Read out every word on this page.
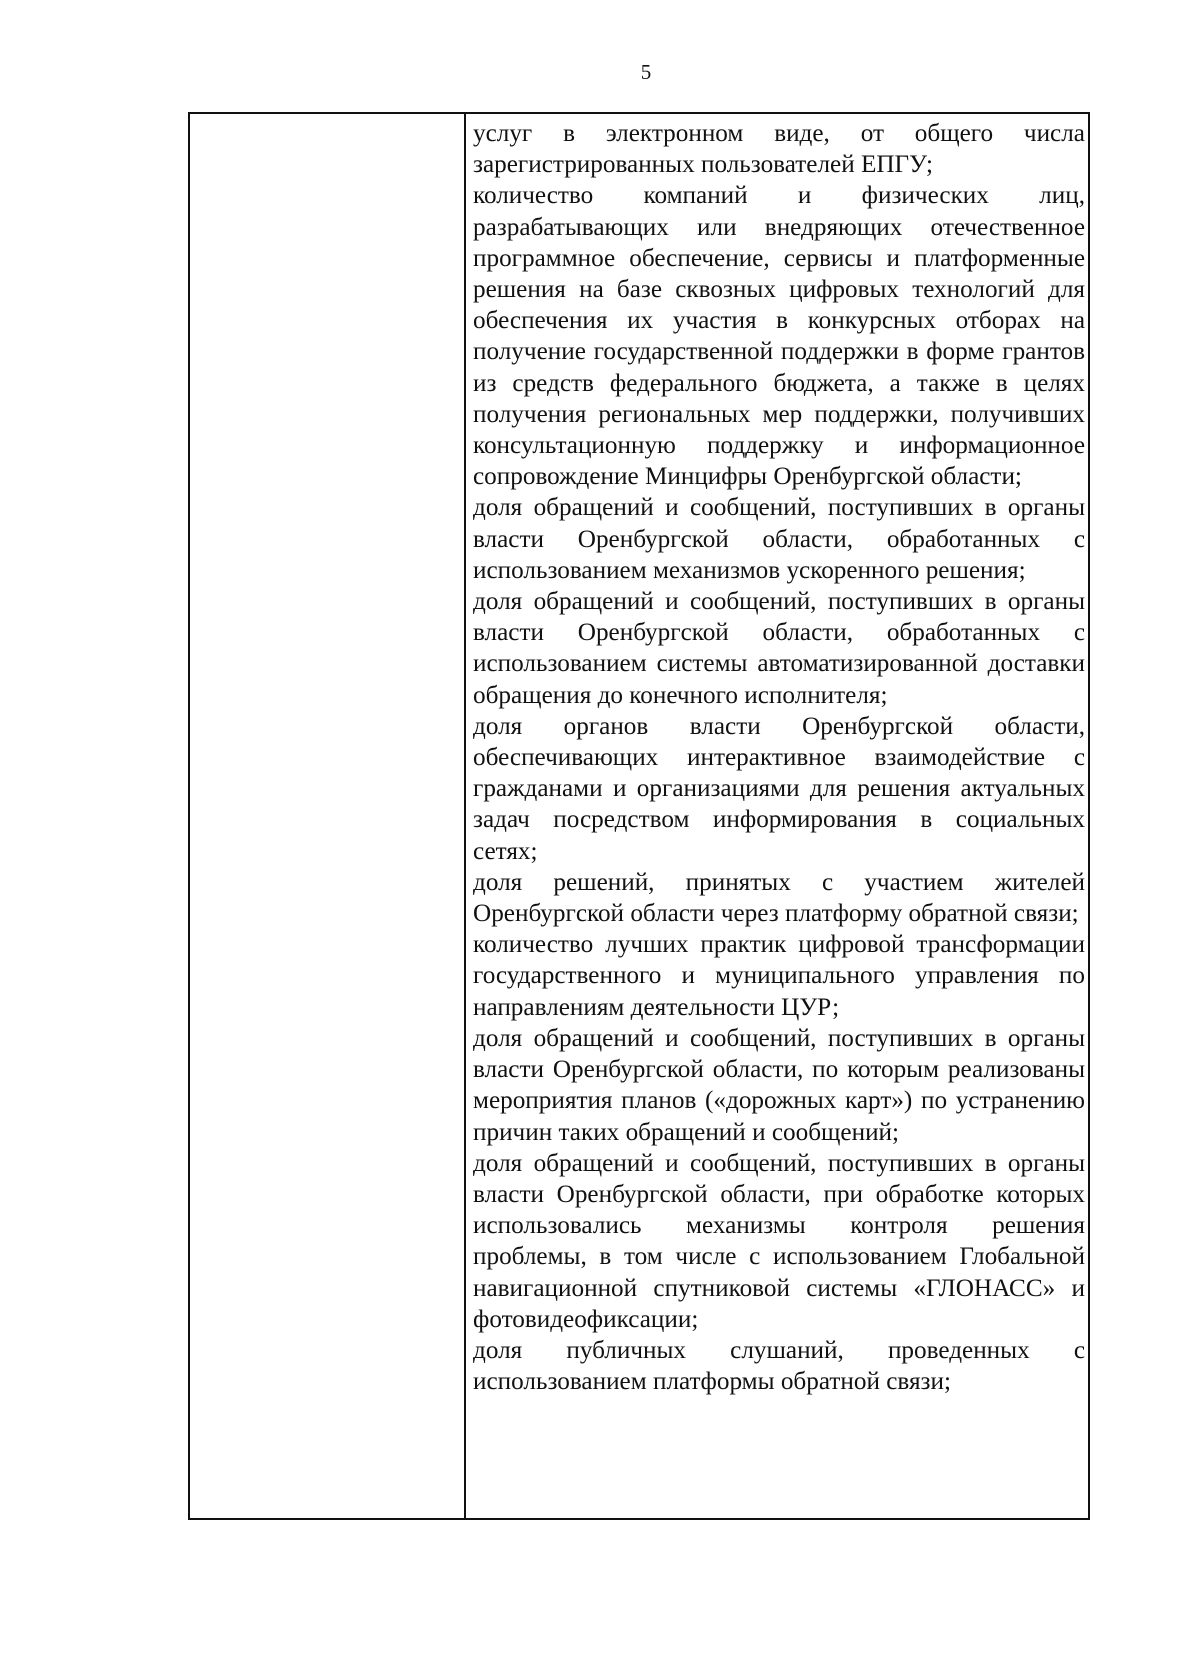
5

услуг в электронном виде, от общего числа зарегистрированных пользователей ЕПГУ;

количество компаний и физических лиц, разрабатывающих или внедряющих отечественное программное обеспечение, сервисы и платформенные решения на базе сквозных цифровых технологий для обеспечения их участия в конкурсных отборах на получение государственной поддержки в форме грантов из средств федерального бюджета, а также в целях получения региональных мер поддержки, получивших консультационную поддержку и информационное сопровождение Минцифры Оренбургской области;

доля обращений и сообщений, поступивших в органы власти Оренбургской области, обработанных с использованием механизмов ускоренного решения;

доля обращений и сообщений, поступивших в органы власти Оренбургской области, обработанных с использованием системы автоматизированной доставки обращения до конечного исполнителя;

доля органов власти Оренбургской области, обеспечивающих интерактивное взаимодействие с гражданами и организациями для решения актуальных задач посредством информирования в социальных сетях;

доля решений, принятых с участием жителей Оренбургской области через платформу обратной связи;

количество лучших практик цифровой трансформации государственного и муниципального управления по направлениям деятельности ЦУР;

доля обращений и сообщений, поступивших в органы власти Оренбургской области, по которым реализованы мероприятия планов («дорожных карт») по устранению причин таких обращений и сообщений;

доля обращений и сообщений, поступивших в органы власти Оренбургской области, при обработке которых использовались механизмы контроля решения проблемы, в том числе с использованием Глобальной навигационной спутниковой системы «ГЛОНАСС» и фотовидеофиксации;

доля публичных слушаний, проведенных с использованием платформы обратной связи;
